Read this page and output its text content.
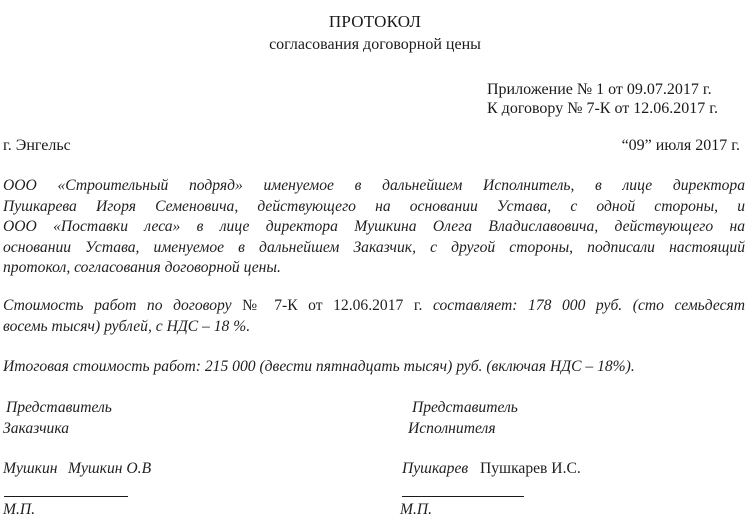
ПРОТОКОЛ
согласования договорной цены
Приложение № 1 от 09.07.2017 г.
К договору № 7-К от 12.06.2017 г.
г. Энгельс	“09” июля 2017 г.
ООО «Строительный подряд» именуемое в дальнейшем Исполнитель, в лице директора
Пушкарева Игоря Семеновича, действующего на основании Устава, с одной стороны, и
ООО «Поставки леса» в лице директора Мушкина Олега Владиславовича, действующего на
основании Устава, именуемое в дальнейшем Заказчик, с другой стороны, подписали настоящий
протокол, согласования договорной цены.
Стоимость работ по договору № 7-К от 12.06.2017 г. составляет: 178 000 руб. (сто семьдесят
восемь тысяч) рублей, с НДС – 18 %.
Итоговая стоимость работ: 215 000 (двести пятнадцать тысяч) руб. (включая НДС – 18%).
Представитель
Заказчика
Мушкин Мушкин О.В
М.П.
Представитель
Исполнителя
Пушкарев Пушкарев И.С.
М.П.
